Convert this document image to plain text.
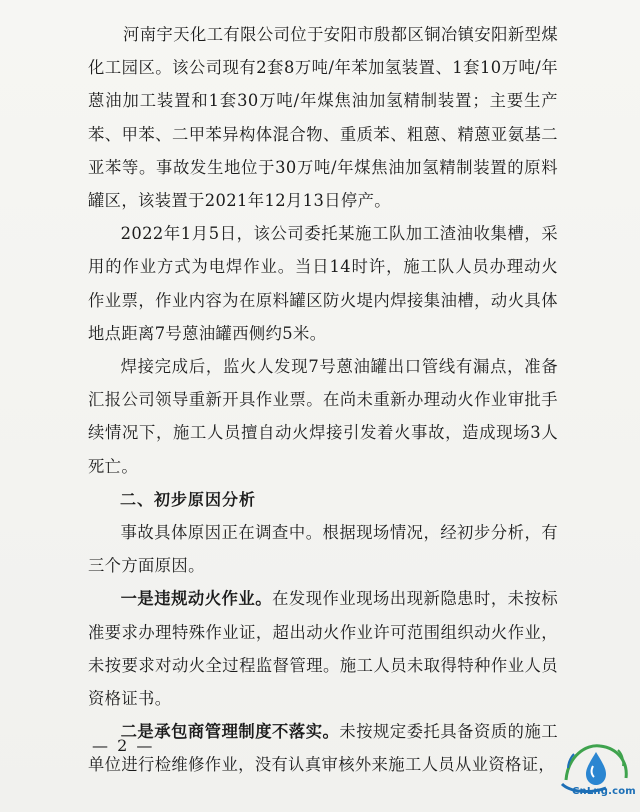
河南宇天化工有限公司位于安阳市殷都区铜冶镇安阳新型煤化工园区。该公司现有2套8万吨/年苯加氢装置、1套10万吨/年蒽油加工装置和1套30万吨/年煤焦油加氢精制装置；主要生产苯、甲苯、二甲苯异构体混合物、重质苯、粗蒽、精蒽亚氨基二亚苯等。事故发生地位于30万吨/年煤焦油加氢精制装置的原料罐区，该装置于2021年12月13日停产。

2022年1月5日，该公司委托某施工队加工渣油收集槽，采用的作业方式为电焊作业。当日14时许，施工队人员办理动火作业票，作业内容为在原料罐区防火堤内焊接集油槽，动火具体地点距离7号蒽油罐西侧约5米。

焊接完成后，监火人发现7号蒽油罐出口管线有漏点，准备汇报公司领导重新开具作业票。在尚未重新办理动火作业审批手续情况下，施工人员擅自动火焊接引发着火事故，造成现场3人死亡。

二、初步原因分析

事故具体原因正在调查中。根据现场情况，经初步分析，有三个方面原因。

一是违规动火作业。在发现作业现场出现新隐患时，未按标准要求办理特殊作业证，超出动火作业许可范围组织动火作业，未按要求对动火全过程监督管理。施工人员未取得特种作业人员资格证书。

二是承包商管理制度不落实。未按规定委托具备资质的施工单位进行检维修作业，没有认真审核外来施工人员从业资格证，

— 2 —
CnLng.com
